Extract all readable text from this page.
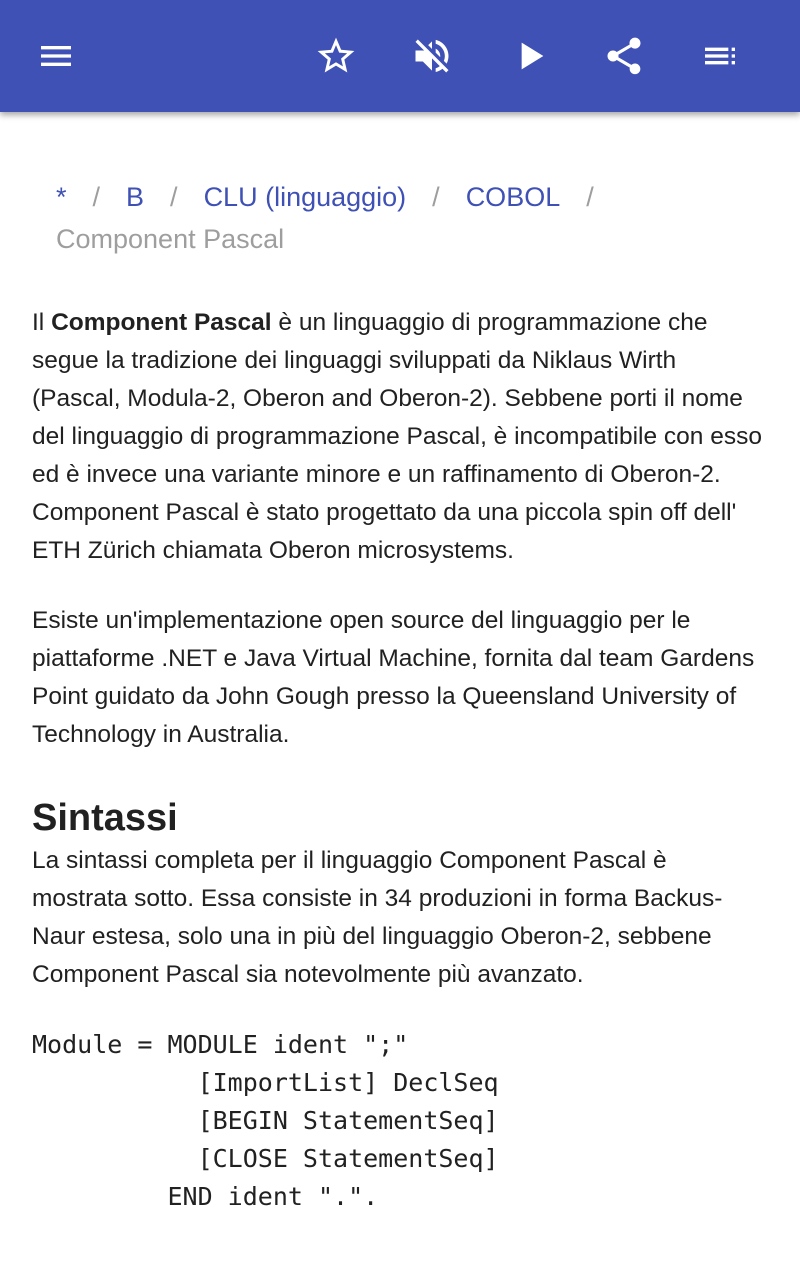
* / B / CLU (linguaggio) / COBOL /
Component Pascal

Il Component Pascal è un linguaggio di programmazione che segue la tradizione dei linguaggi sviluppati da Niklaus Wirth (Pascal, Modula-2, Oberon and Oberon-2). Sebbene porti il nome del linguaggio di programmazione Pascal, è incompatibile con esso ed è invece una variante minore e un raffinamento di Oberon-2. Component Pascal è stato progettato da una piccola spin off dell' ETH Zürich chiamata Oberon microsystems.

Esiste un'implementazione open source del linguaggio per le piattaforme .NET e Java Virtual Machine, fornita dal team Gardens Point guidato da John Gough presso la Queensland University of Technology in Australia.

Sintassi

La sintassi completa per il linguaggio Component Pascal è mostrata sotto. Essa consiste in 34 produzioni in forma Backus-Naur estesa, solo una in più del linguaggio Oberon-2, sebbene Component Pascal sia notevolmente più avanzato.

Module = MODULE ident ";"
[ImportList] DeclSeq
[BEGIN StatementSeq]
[CLOSE StatementSeq]
END ident ".".
